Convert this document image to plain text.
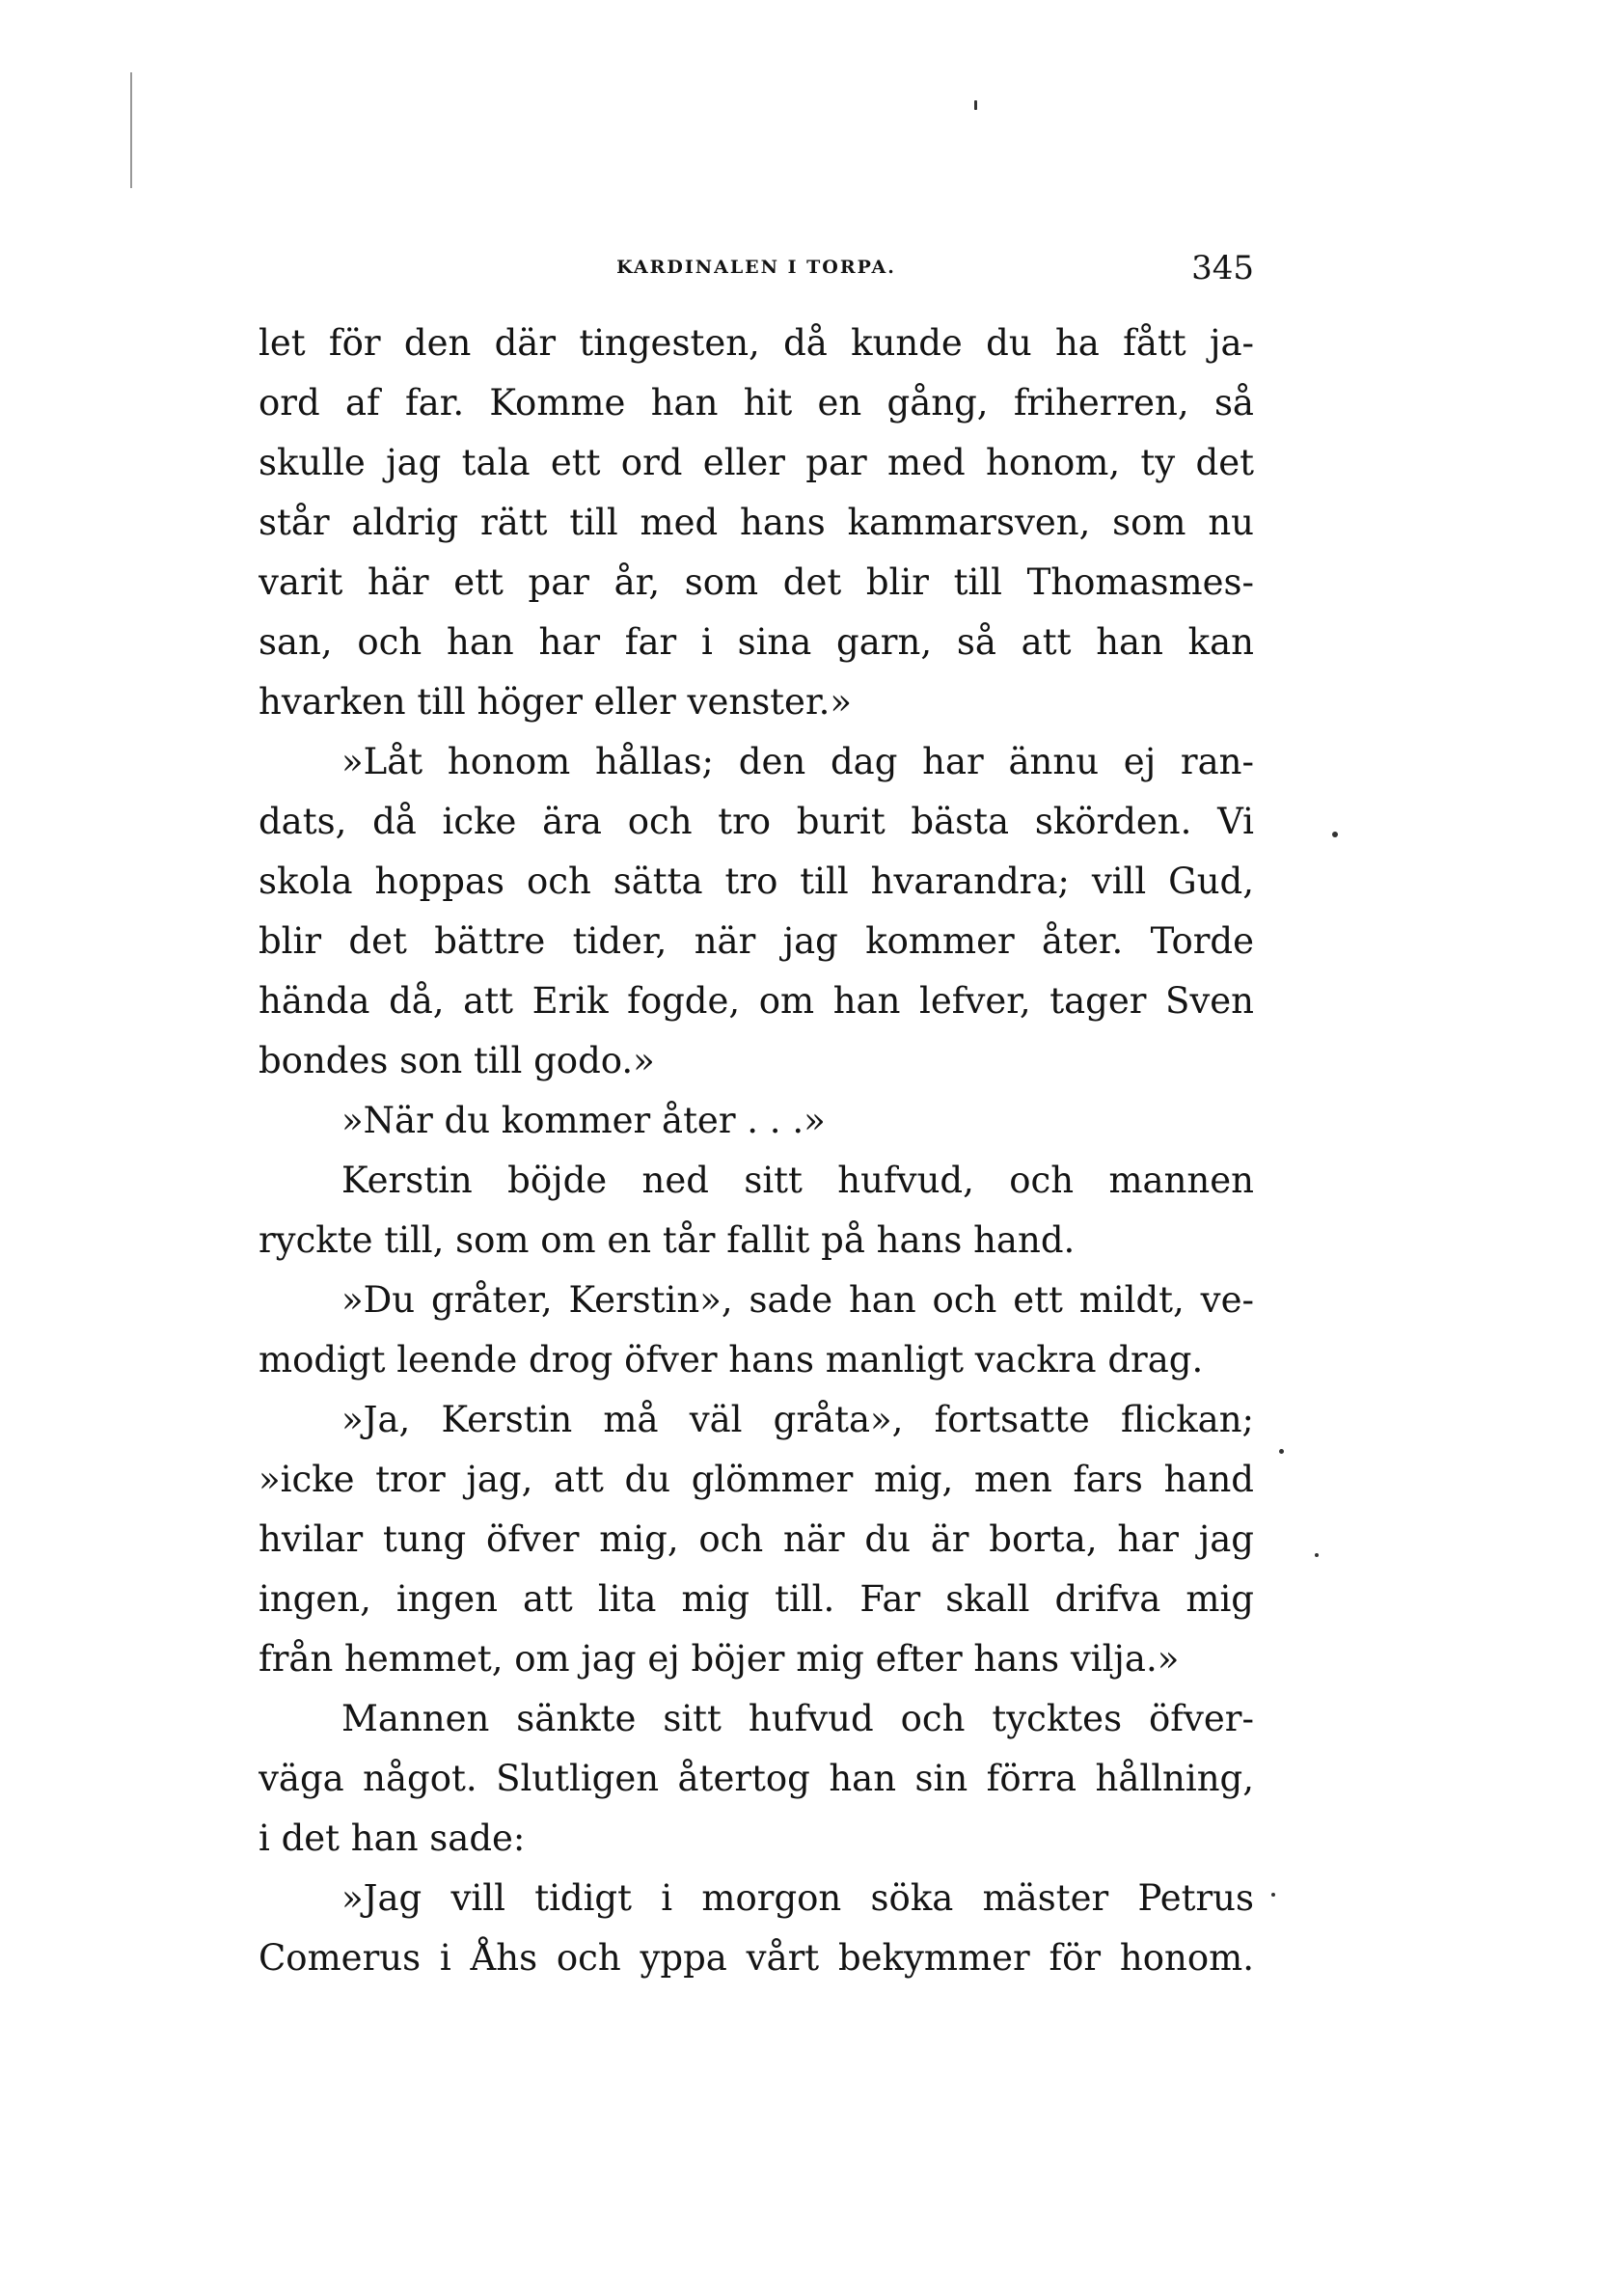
KARDINALEN I TORPA.	345
let för den där tingesten, då kunde du ha fått ja-
ord af far. Komme han hit en gång, friherren, så
skulle jag tala ett ord eller par med honom, ty det
står aldrig rätt till med hans kammarsven, som nu
varit här ett par år, som det blir till Thomasmes-
san, och han har far i sina garn, så att han kan
hvarken till höger eller venster.»
»Låt honom hållas; den dag har ännu ej ran-
dats, då icke ära och tro burit bästa skörden. Vi
skola hoppas och sätta tro till hvarandra; vill Gud,
blir det bättre tider, när jag kommer åter. Torde
hända då, att Erik fogde, om han lefver, tager Sven
bondes son till godo.»
»När du kommer åter . . .»
Kerstin böjde ned sitt hufvud, och mannen
ryckte till, som om en tår fallit på hans hand.
»Du gråter, Kerstin», sade han och ett mildt, ve-
modigt leende drog öfver hans manligt vackra drag.
»Ja, Kerstin må väl gråta», fortsatte flickan;
»icke tror jag, att du glömmer mig, men fars hand
hvilar tung öfver mig, och när du är borta, har jag
ingen, ingen att lita mig till. Far skall drifva mig
från hemmet, om jag ej böjer mig efter hans vilja.»
Mannen sänkte sitt hufvud och tycktes öfver-
väga något. Slutligen återtog han sin förra hållning,
i det han sade:
»Jag vill tidigt i morgon söka mäster Petrus
Comerus i Åhs och yppa vårt bekymmer för honom.
